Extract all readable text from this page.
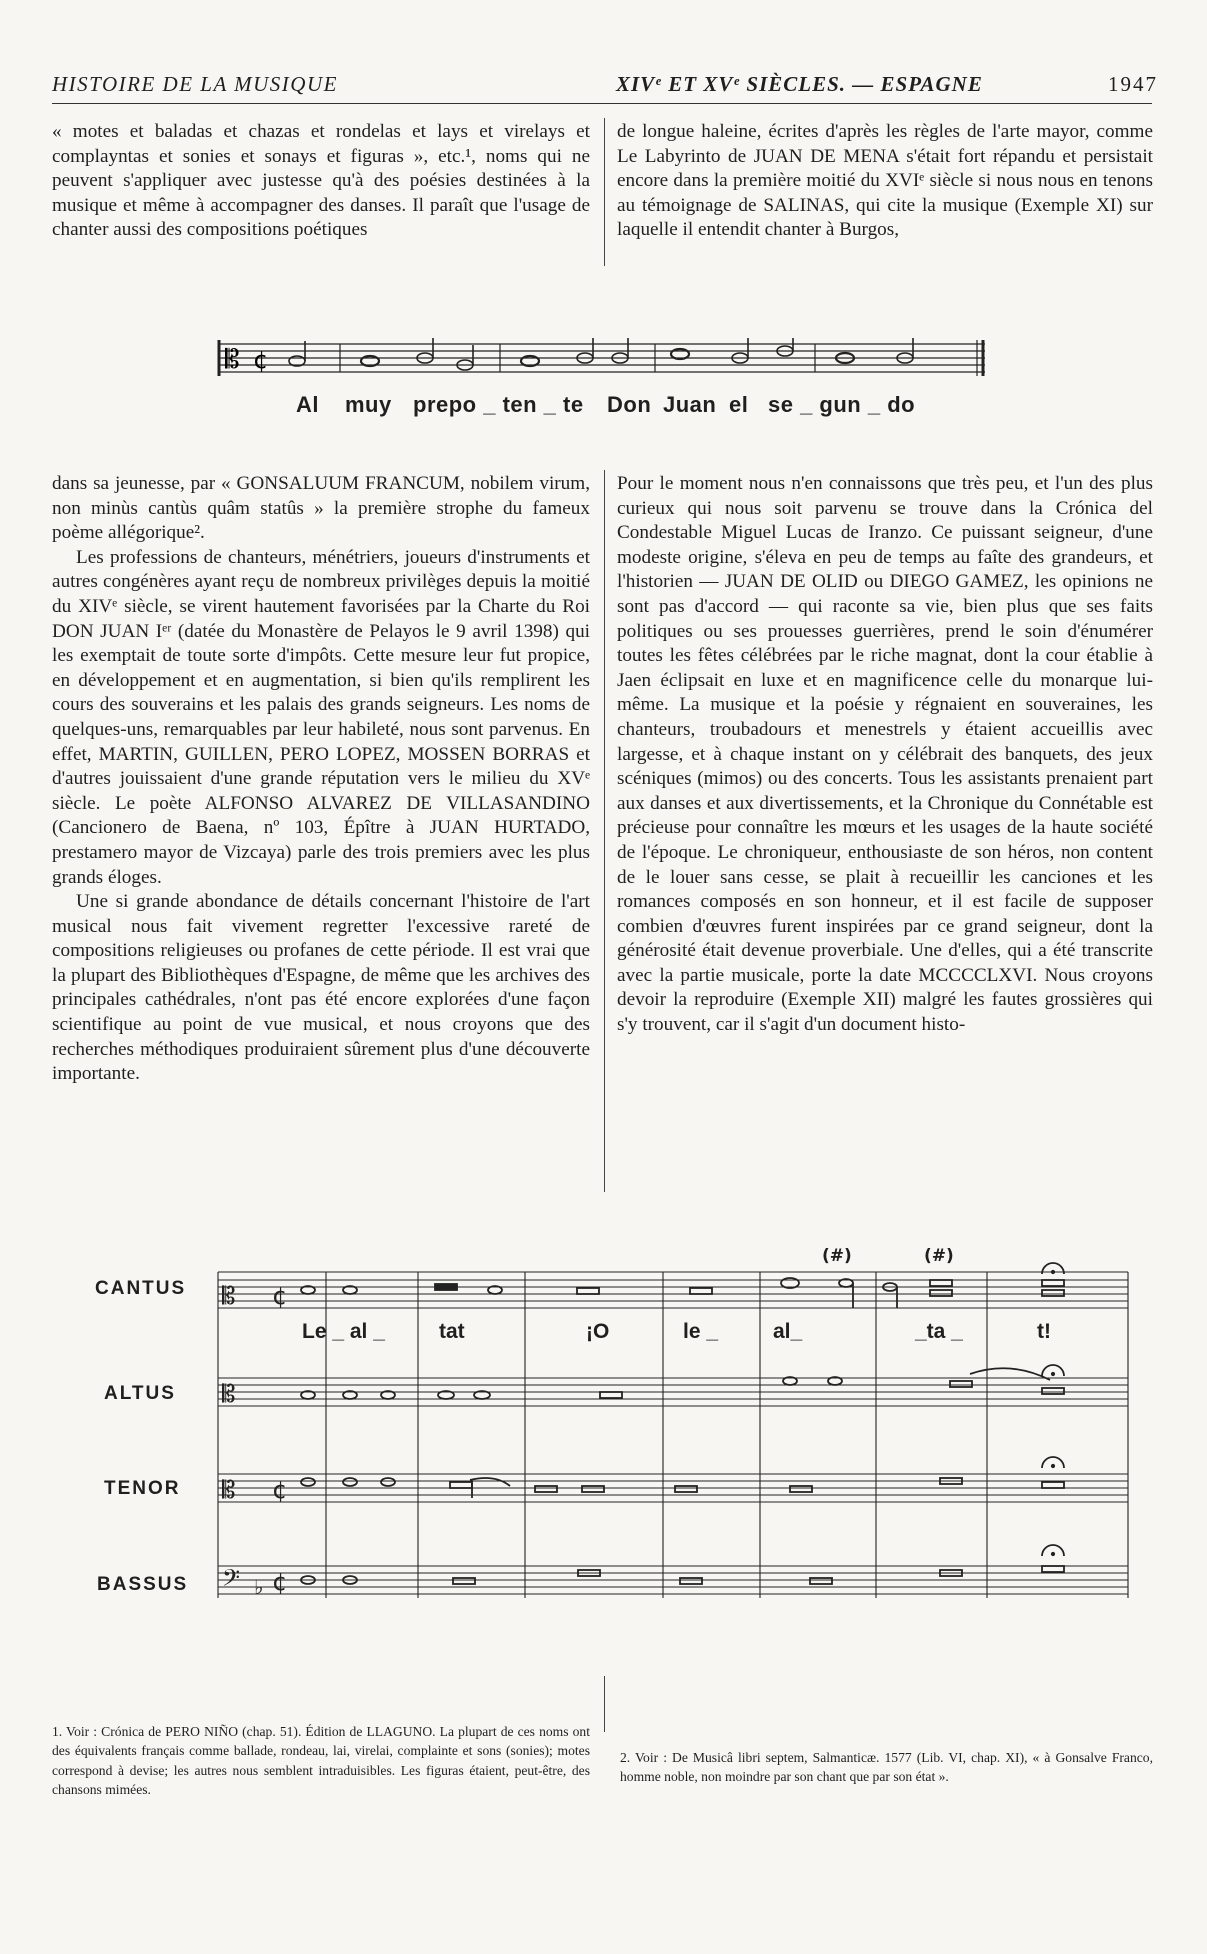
HISTOIRE DE LA MUSIQUE	XIVᵉ ET XVᵉ SIÈCLES. — ESPAGNE	1947

« motes et baladas et chazas et rondelas et lays et virelays et complayntas et sonies et sonays et figuras », etc.¹, noms qui ne peuvent s'appliquer avec justesse qu'à des poésies destinées à la musique et même à accompagner des danses. Il paraît que l'usage de chanter aussi des compositions poétiques

de longue haleine, écrites d'après les règles de l'arte mayor, comme Le Labyrinto de JUAN DE MENA s'était fort répandu et persistait encore dans la première moitié du XVIᵉ siècle si nous nous en tenons au témoignage de SALINAS, qui cite la musique (Exemple XI) sur laquelle il entendit chanter à Burgos,

𝄡 ¢
Al muy prepo _ ten _ te Don Juan el se _ gun _ do

dans sa jeunesse, par « GONSALUUM FRANCUM, nobilem virum, non minùs cantùs quâm statûs » la première strophe du fameux poème allégorique².

Les professions de chanteurs, ménétriers, joueurs d'instruments et autres congénères ayant reçu de nombreux privilèges depuis la moitié du XIVᵉ siècle, se virent hautement favorisées par la Charte du Roi DON JUAN Iᵉʳ (datée du Monastère de Pelayos le 9 avril 1398) qui les exemptait de toute sorte d'impôts. Cette mesure leur fut propice, en développement et en augmentation, si bien qu'ils remplirent les cours des souverains et les palais des grands seigneurs. Les noms de quelques-uns, remarquables par leur habileté, nous sont parvenus. En effet, MARTIN, GUILLEN, PERO LOPEZ, MOSSEN BORRAS et d'autres jouissaient d'une grande réputation vers le milieu du XVᵉ siècle. Le poète ALFONSO ALVAREZ DE VILLASANDINO (Cancionero de Baena, nº 103, Épître à JUAN HURTADO, prestamero mayor de Vizcaya) parle des trois premiers avec les plus grands éloges.

Une si grande abondance de détails concernant l'histoire de l'art musical nous fait vivement regretter l'excessive rareté de compositions religieuses ou profanes de cette période. Il est vrai que la plupart des Bibliothèques d'Espagne, de même que les archives des principales cathédrales, n'ont pas été encore explorées d'une façon scientifique au point de vue musical, et nous croyons que des recherches méthodiques produiraient sûrement plus d'une découverte importante.

Pour le moment nous n'en connaissons que très peu, et l'un des plus curieux qui nous soit parvenu se trouve dans la Crónica del Condestable Miguel Lucas de Iranzo. Ce puissant seigneur, d'une modeste origine, s'éleva en peu de temps au faîte des grandeurs, et l'historien — JUAN DE OLID ou DIEGO GAMEZ, les opinions ne sont pas d'accord — qui raconte sa vie, bien plus que ses faits politiques ou ses prouesses guerrières, prend le soin d'énumérer toutes les fêtes célébrées par le riche magnat, dont la cour établie à Jaen éclipsait en luxe et en magnificence celle du monarque lui-même. La musique et la poésie y régnaient en souveraines, les chanteurs, troubadours et menestrels y étaient accueillis avec largesse, et à chaque instant on y célébrait des banquets, des jeux scéniques (mimos) ou des concerts. Tous les assistants prenaient part aux danses et aux divertissements, et la Chronique du Connétable est précieuse pour connaître les mœurs et les usages de la haute société de l'époque. Le chroniqueur, enthousiaste de son héros, non content de le louer sans cesse, se plait à recueillir les canciones et les romances composés en son honneur, et il est facile de supposer combien d'œuvres furent inspirées par ce grand seigneur, dont la générosité était devenue proverbiale. Une d'elles, qui a été transcrite avec la partie musicale, porte la date MCCCCLXVI. Nous croyons devoir la reproduire (Exemple XII) malgré les fautes grossières qui s'y trouvent, car il s'agit d'un document histo-

CANTUS
ALTUS
TENOR
BASSUS
(#)	(#)
𝄡 ¢
𝄡
𝄡 ¢
𝄢 ♭ ¢
Le _ al _	tat	¡O	le _	al_	_ta _	t!
1. Voir : Crónica de PERO NIÑO (chap. 51). Édition de LLAGUNO. La plupart de ces noms ont des équivalents français comme ballade, rondeau, lai, virelai, complainte et sons (sonies); motes correspond à devise; les autres nous semblent intraduisibles. Les figuras étaient, peut-être, des chansons mimées.
2. Voir : De Musicâ libri septem, Salmanticæ. 1577 (Lib. VI, chap. XI), « à Gonsalve Franco, homme noble, non moindre par son chant que par son état ».
